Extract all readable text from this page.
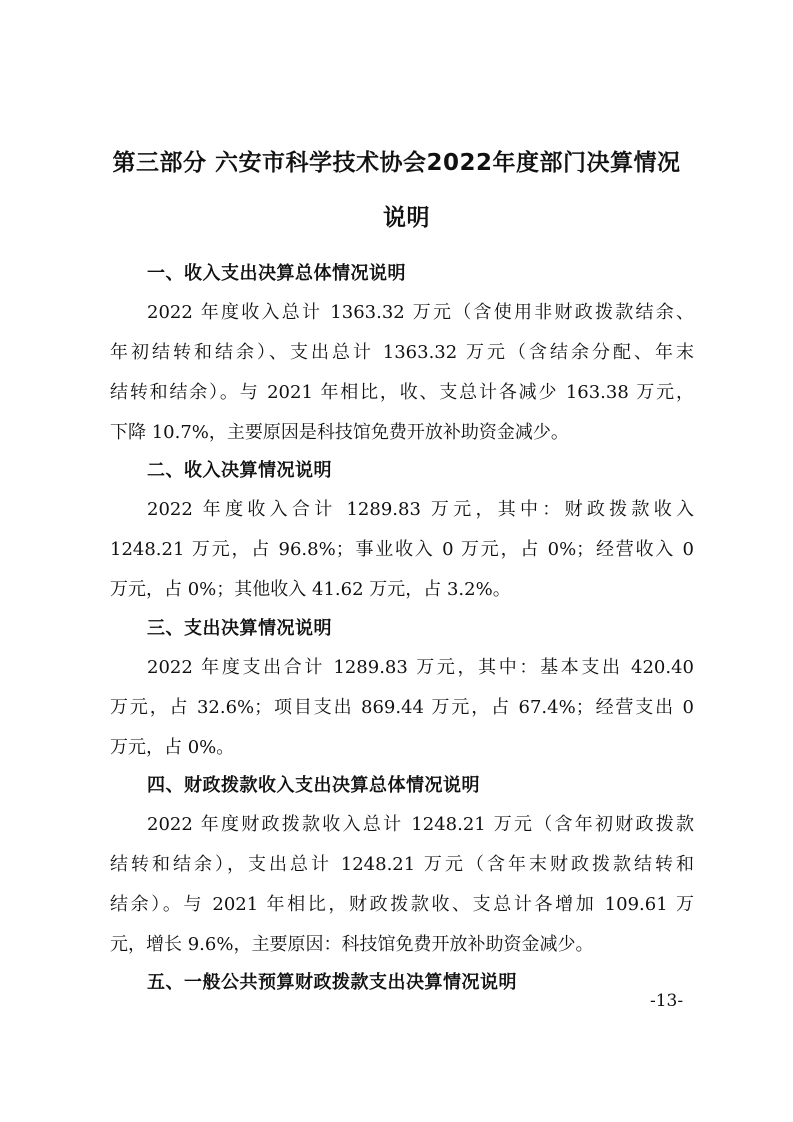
第三部分 六安市科学技术协会2022年度部门决算情况
说明
一、收入支出决算总体情况说明
2022 年度收入总计 1363.32 万元（含使用非财政拨款结余、
年初结转和结余）、支出总计 1363.32 万元（含结余分配、年末
结转和结余）。与 2021 年相比，收、支总计各减少 163.38 万元，
下降 10.7%，主要原因是科技馆免费开放补助资金减少。
二、收入决算情况说明
2022 年度收入合计 1289.83 万元，其中：财政拨款收入
1248.21 万元，占 96.8%；事业收入 0 万元，占 0%；经营收入 0
万元，占 0%；其他收入 41.62 万元，占 3.2%。
三、支出决算情况说明
2022 年度支出合计 1289.83 万元，其中：基本支出 420.40
万元，占 32.6%；项目支出 869.44 万元，占 67.4%；经营支出 0
万元，占 0%。
四、财政拨款收入支出决算总体情况说明
2022 年度财政拨款收入总计 1248.21 万元（含年初财政拨款
结转和结余），支出总计 1248.21 万元（含年末财政拨款结转和
结余）。与 2021 年相比，财政拨款收、支总计各增加 109.61 万
元，增长 9.6%，主要原因：科技馆免费开放补助资金减少。
五、一般公共预算财政拨款支出决算情况说明
-13-
